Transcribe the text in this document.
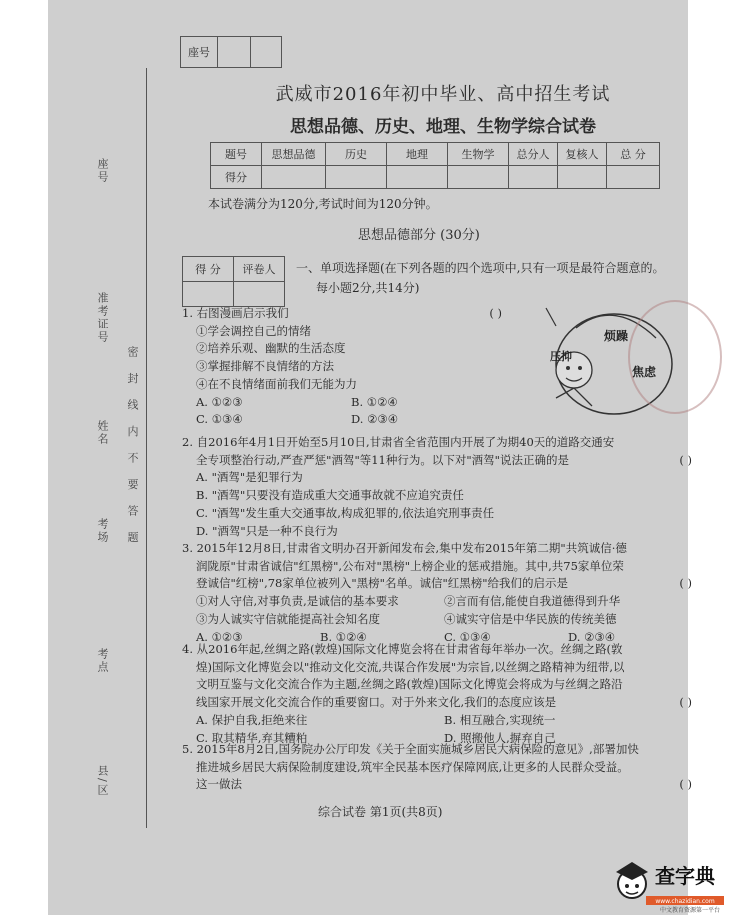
座号
座号
准考证号
姓名
考场
考点
县/区
密 封 线 内 不 要 答 题
武威市2016年初中毕业、高中招生考试
思想品德、历史、地理、生物学综合试卷
题号	思想品德	历史	地理	生物学	总分人	复核人	总 分
得分							
本试卷满分为120分,考试时间为120分钟。
思想品德部分 (30分)
得 分	评卷人
	一、单项选择题(在下列各题的四个选项中,只有一项是最符合题意的。
每小题2分,共14分)
1. 右图漫画启示我们	( )
①学会调控自己的情绪
②培养乐观、幽默的生活态度
③掌握排解不良情绪的方法
④在不良情绪面前我们无能为力
A. ①②③	B. ①②④
C. ①③④	D. ②③④
烦躁
焦虑
压抑
2. 自2016年4月1日开始至5月10日,甘肃省全省范围内开展了为期40天的道路交通安
全专项整治行动,严查严惩"酒驾"等11种行为。以下对"酒驾"说法正确的是	( )
A. "酒驾"是犯罪行为
B. "酒驾"只要没有造成重大交通事故就不应追究责任
C. "酒驾"发生重大交通事故,构成犯罪的,依法追究刑事责任
D. "酒驾"只是一种不良行为
3. 2015年12月8日,甘肃省文明办召开新闻发布会,集中发布2015年第二期"共筑诚信·德
润陇原"甘肃省诚信"红黑榜",公布对"黑榜"上榜企业的惩戒措施。其中,共75家单位荣
登诚信"红榜",78家单位被列入"黑榜"名单。诚信"红黑榜"给我们的启示是	( )
①对人守信,对事负责,是诚信的基本要求	②言而有信,能使自我道德得到升华
③为人诚实守信就能提高社会知名度	④诚实守信是中华民族的传统美德
A. ①②③	B. ①②④	C. ①③④	D. ②③④
4. 从2016年起,丝绸之路(敦煌)国际文化博览会将在甘肃省每年举办一次。丝绸之路(敦
煌)国际文化博览会以"推动文化交流,共谋合作发展"为宗旨,以丝绸之路精神为纽带,以
文明互鉴与文化交流合作为主题,丝绸之路(敦煌)国际文化博览会将成为与丝绸之路沿
线国家开展文化交流合作的重要窗口。对于外来文化,我们的态度应该是	( )
A. 保护自我,拒绝来往	B. 相互融合,实现统一
C. 取其精华,弃其糟粕	D. 照搬他人,摒弃自己
5. 2015年8月2日,国务院办公厅印发《关于全面实施城乡居民大病保险的意见》,部署加快
推进城乡居民大病保险制度建设,筑牢全民基本医疗保障网底,让更多的人民群众受益。
这一做法	( )
综合试卷 第1页(共8页)
www.chazidian.com
查字典
中文教育资源第一平台
